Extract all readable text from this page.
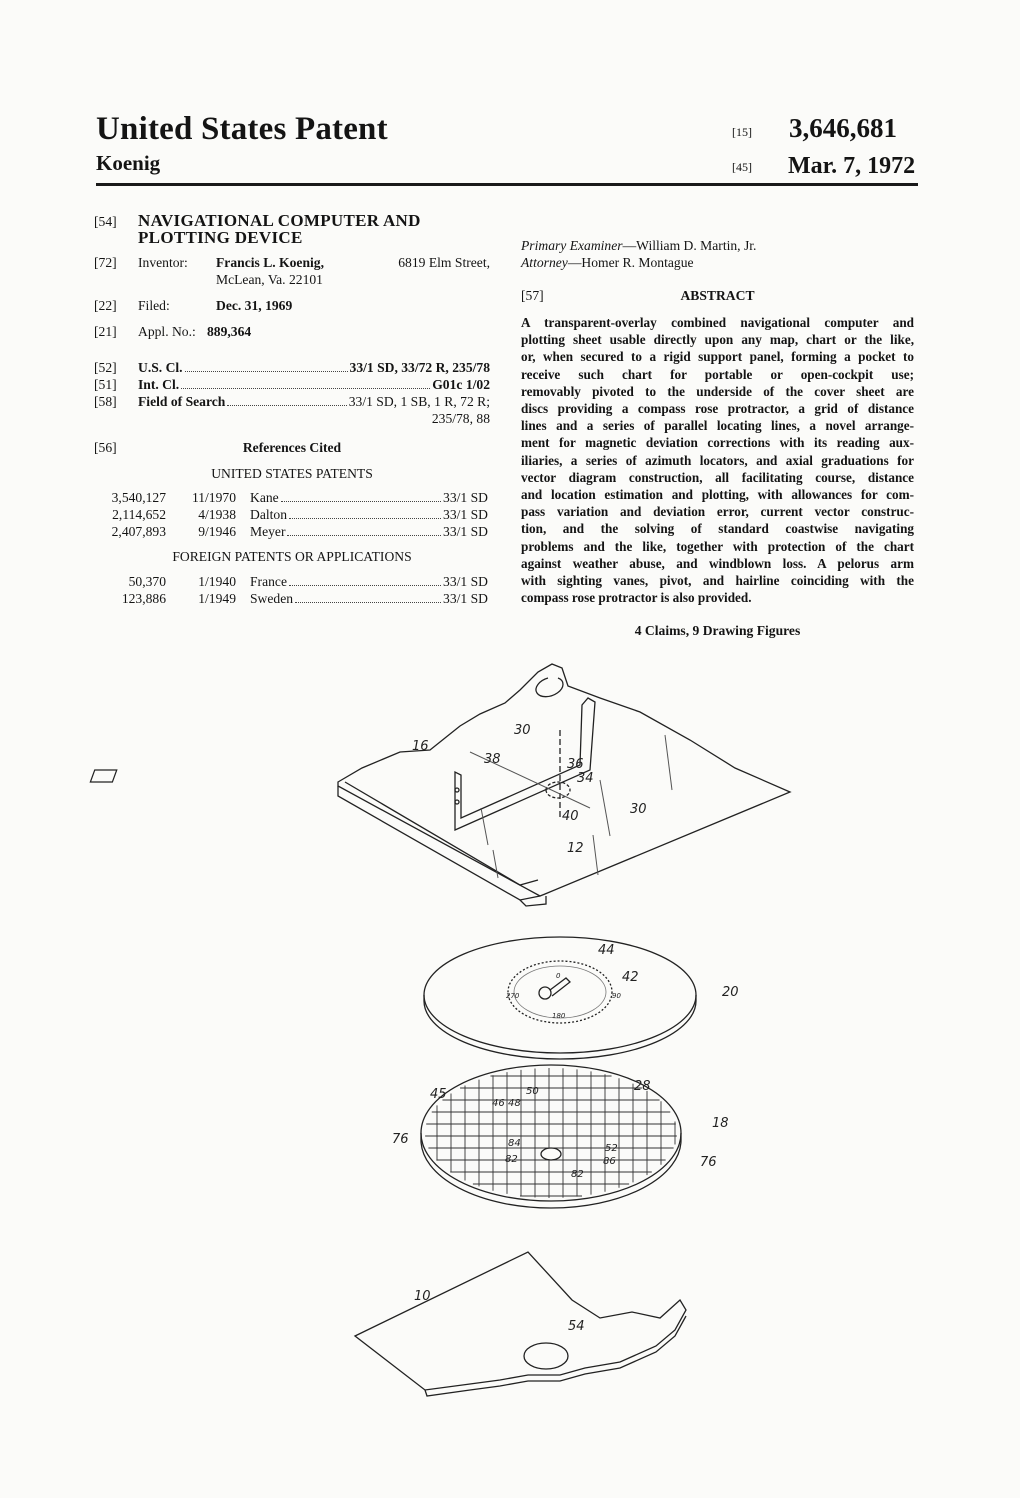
United States Patent
Koenig
[15] 3,646,681
[45] Mar. 7, 1972
[54]	NAVIGATIONAL COMPUTER AND
PLOTTING DEVICE
[72]	Inventor:	Francis L. Koenig,	6819 Elm Street,
McLean, Va. 22101
[22]	Filed:	Dec. 31, 1969
[21]	Appl. No.: 889,364
[52]	U.S. Cl.	33/1 SD, 33/72 R, 235/78
[51]	Int. Cl.	G01c 1/02
[58]	Field of Search	33/1 SD, 1 SB, 1 R, 72 R;
235/78, 88
[56]	References Cited
UNITED STATES PATENTS
3,540,127	11/1970	Kane 33/1 SD

2,114,652	4/1938	Dalton 33/1 SD

2,407,893	9/1946	Meyer 33/1 SD
FOREIGN PATENTS OR APPLICATIONS
50,370	1/1940	France 33/1 SD

123,886	1/1949	Sweden 33/1 SD
Primary Examiner—William D. Martin, Jr.
Attorney—Homer R. Montague
[57]	ABSTRACT
A transparent-overlay combined navigational computer and
plotting sheet usable directly upon any map, chart or the like,
or, when secured to a rigid support panel, forming a pocket to
receive such chart for portable or open-cockpit use;
removably pivoted to the underside of the cover sheet are
discs providing a compass rose protractor, a grid of distance
lines and a series of parallel locating lines, a novel arrange-
ment for magnetic deviation corrections with its reading aux-
iliaries, a series of azimuth locators, and axial graduations for
vector diagram construction, all facilitating course, distance
and location estimation and plotting, with allowances for com-
pass variation and deviation error, current vector construc-
tion, and the solving of standard coastwise navigating
problems and the like, together with protection of the chart
against weather abuse, and windblown loss. A pelorus arm
with sighting vanes, pivot, and hairline coinciding with the
compass rose protractor is also provided.
4 Claims, 9 Drawing Figures
16
30
38	36
34
40	30
12
44
42
20
45
46 48
50	28
18
76
76
84
82
82
52
86
10
54
0
90
180
270
